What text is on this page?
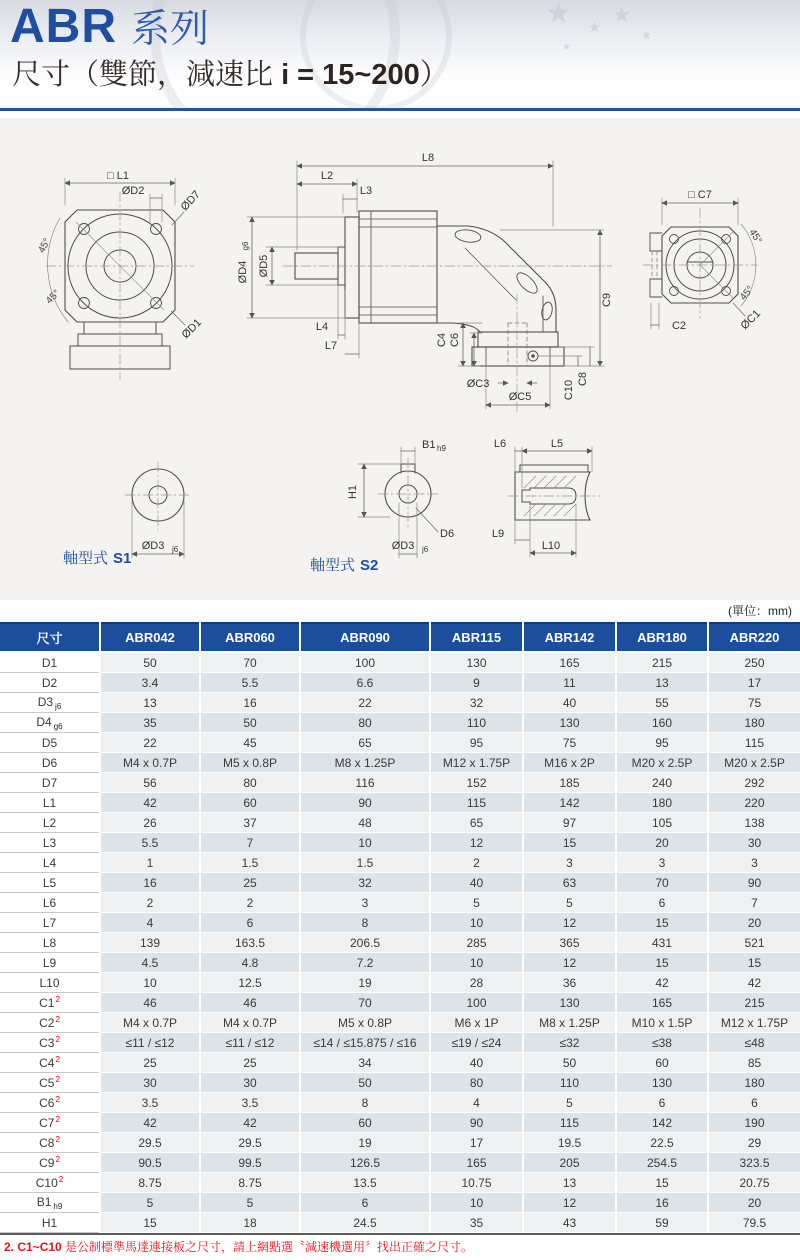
★ ★
★
★
★
ABR 系列
尺寸（雙節，減速比 i = 15~200）
□ L1
ØD2	ØD7
45°
45°
ØD1
L8
L2
L3
ØD4
g6
ØD5
L4
L7	C4 C6
ØC3
ØC5
C9
C8
C10
□ C7
45°
45°
C2	ØC1
ØD3 j6
軸型式 S1
B1 h9
H1
D6
ØD3 j6
軸型式 S2
L6	L5
L9
L10
(單位：mm)
尺寸	ABR042	ABR060	ABR090	ABR115	ABR142	ABR180	ABR220
D1	50	70	100	130	165	215	250
D2	3.4	5.5	6.6	9	11	13	17
D3 $_{j6}$	13	16	22	32	40	55	75
D4 $_{g6}$	35	50	80	110	130	160	180
D5	22	45	65	95	75	95	115
D6	M4 x 0.7P	M5 x 0.8P	M8 x 1.25P	M12 x 1.75P	M16 x 2P	M20 x 2.5P	M20 x 2.5P
D7	56	80	116	152	185	240	292
L1	42	60	90	115	142	180	220
L2	26	37	48	65	97	105	138
L3	5.5	7	10	12	15	20	30
L4	1	1.5	1.5	2	3	3	3
L5	16	25	32	40	63	70	90
L6	2	2	3	5	5	6	7
L7	4	6	8	10	12	15	20
L8	139	163.5	206.5	285	365	431	521
L9	4.5	4.8	7.2	10	12	15	15
L10	10	12.5	19	28	36	42	42
$C1^2$	46	46	70	100	130	165	215
$C2^2$	M4 x 0.7P	M4 x 0.7P	M5 x 0.8P	M6 x 1P	M8 x 1.25P	M10 x 1.5P	M12 x 1.75P
$C3^2$	≤11 / ≤12	≤11 / ≤12	≤14 / ≤15.875 / ≤16	≤19 / ≤24	≤32	≤38	≤48
$C4^2$	25	25	34	40	50	60	85
$C5^2$	30	30	50	80	110	130	180
$C6^2$	3.5	3.5	8	4	5	6	6
$C7^2$	42	42	60	90	115	142	190
$C8^2$	29.5	29.5	19	17	19.5	22.5	29
$C9^2$	90.5	99.5	126.5	165	205	254.5	323.5
$C10^2$	8.75	8.75	13.5	10.75	13	15	20.75
B1 $_{h9}$	5	5	6	10	12	16	20
H1	15	18	24.5	35	43	59	79.5
2. C1~C10 是公制標準馬達連接板之尺寸，請上網點選〝減速機選用〞找出正確之尺寸。
